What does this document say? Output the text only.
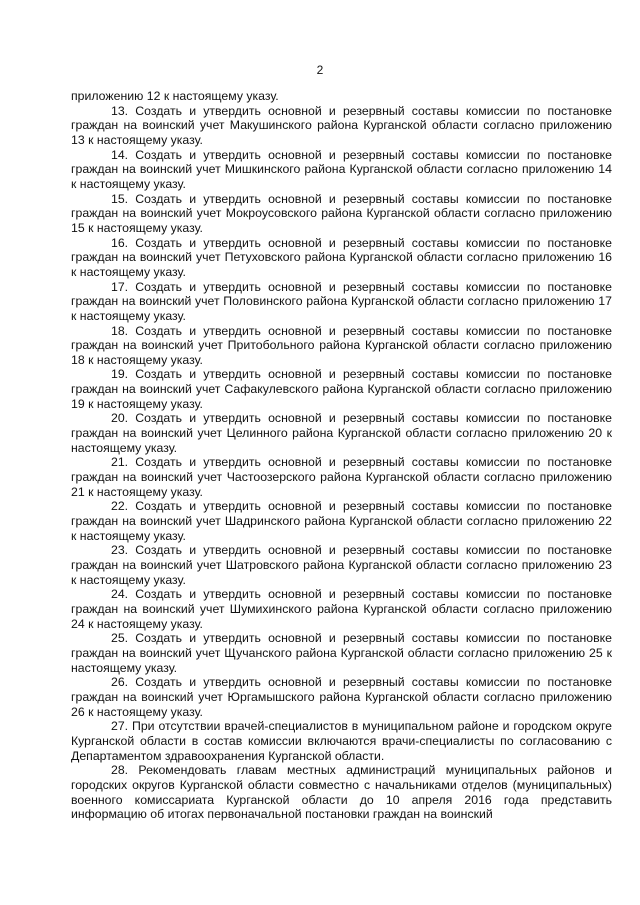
2

приложению 12 к настоящему указу.

13. Создать и утвердить основной и резервный составы комиссии по постановке граждан на воинский учет Макушинского района Курганской области согласно приложению 13 к настоящему указу.

14. Создать и утвердить основной и резервный составы комиссии по постановке граждан на воинский учет Мишкинского района Курганской области согласно приложению 14 к настоящему указу.

15. Создать и утвердить основной и резервный составы комиссии по постановке граждан на воинский учет Мокроусовского района Курганской области согласно приложению 15 к настоящему указу.

16. Создать и утвердить основной и резервный составы комиссии по постановке граждан на воинский учет Петуховского района Курганской области согласно приложению 16 к настоящему указу.

17. Создать и утвердить основной и резервный составы комиссии по постановке граждан на воинский учет Половинского района Курганской области согласно приложению 17 к настоящему указу.

18. Создать и утвердить основной и резервный составы комиссии по постановке граждан на воинский учет Притобольного района Курганской области согласно приложению 18 к настоящему указу.

19. Создать и утвердить основной и резервный составы комиссии по постановке граждан на воинский учет Сафакулевского района Курганской области согласно приложению 19 к настоящему указу.

20. Создать и утвердить основной и резервный составы комиссии по постановке граждан на воинский учет Целинного района Курганской области согласно приложению 20 к настоящему указу.

21. Создать и утвердить основной и резервный составы комиссии по постановке граждан на воинский учет Частоозерского района Курганской области согласно приложению 21 к настоящему указу.

22. Создать и утвердить основной и резервный составы комиссии по постановке граждан на воинский учет Шадринского района Курганской области согласно приложению 22 к настоящему указу.

23. Создать и утвердить основной и резервный составы комиссии по постановке граждан на воинский учет Шатровского района Курганской области согласно приложению 23 к настоящему указу.

24. Создать и утвердить основной и резервный составы комиссии по постановке граждан на воинский учет Шумихинского района Курганской области согласно приложению 24 к настоящему указу.

25. Создать и утвердить основной и резервный составы комиссии по постановке граждан на воинский учет Щучанского района Курганской области согласно приложению 25 к настоящему указу.

26. Создать и утвердить основной и резервный составы комиссии по постановке граждан на воинский учет Юргамышского района Курганской области согласно приложению 26 к настоящему указу.

27. При отсутствии врачей-специалистов в муниципальном районе и городском округе Курганской области в состав комиссии включаются врачи-специалисты по согласованию с Департаментом здравоохранения Курганской области.

28. Рекомендовать главам местных администраций муниципальных районов и городских округов Курганской области совместно с начальниками отделов (муниципальных) военного комиссариата Курганской области до 10 апреля 2016 года представить информацию об итогах первоначальной постановки граждан на воинский
